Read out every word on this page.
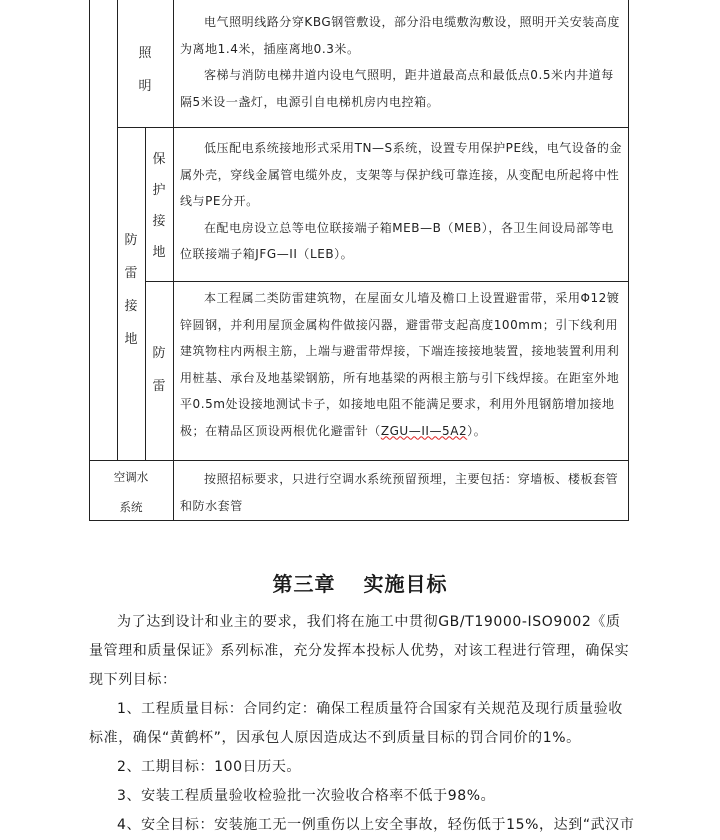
照
明

电气照明线路分穿KBG钢管敷设，部分沿电缆敷沟敷设，照明开关安装高度为离地1.4米，插座离地0.3米。

客梯与消防电梯井道内设电气照明，距井道最高点和最低点0.5米内井道每隔5米设一盏灯，电源引自电梯机房内电控箱。

防
雷
接
地
保
护
接
地

低压配电系统接地形式采用TN—S系统，设置专用保护PE线，电气设备的金属外壳，穿线金属管电缆外皮，支架等与保护线可靠连接，从变配电所起将中性线与PE分开。

在配电房设立总等电位联接端子箱MEB—B（MEB），各卫生间设局部等电位联接端子箱JFG—II（LEB）。

防
雷

本工程属二类防雷建筑物，在屋面女儿墙及檐口上设置避雷带，采用Φ12镀锌圆钢，并利用屋顶金属构件做接闪器，避雷带支起高度100mm；引下线利用建筑物柱内两根主筋，上端与避雷带焊接，下端连接接地装置，接地装置利用利用桩基、承台及地基梁钢筋，所有地基梁的两根主筋与引下线焊接。在距室外地平0.5m处设接地测试卡子，如接地电阻不能满足要求，利用外甩钢筋增加接地极；在精品区顶设两根优化避雷针（ZGU—II—5A2）。

空调水
系统

按照招标要求，只进行空调水系统预留预埋，主要包括：穿墙板、楼板套管和防水套管

第三章 实施目标

为了达到设计和业主的要求，我们将在施工中贯彻GB/T19000-ISO9002《质量管理和质量保证》系列标准，充分发挥本投标人优势，对该工程进行管理，确保实现下列目标：

1、工程质量目标：合同约定：确保工程质量符合国家有关规范及现行质量验收标准，确保“黄鹤杯”，因承包人原因造成达不到质量目标的罚合同价的1%。

2、工期目标：100日历天。

3、安装工程质量验收检验批一次验收合格率不低于98%。

4、安全目标：安装施工无一例重伤以上安全事故，轻伤低于15%，达到“武汉市
